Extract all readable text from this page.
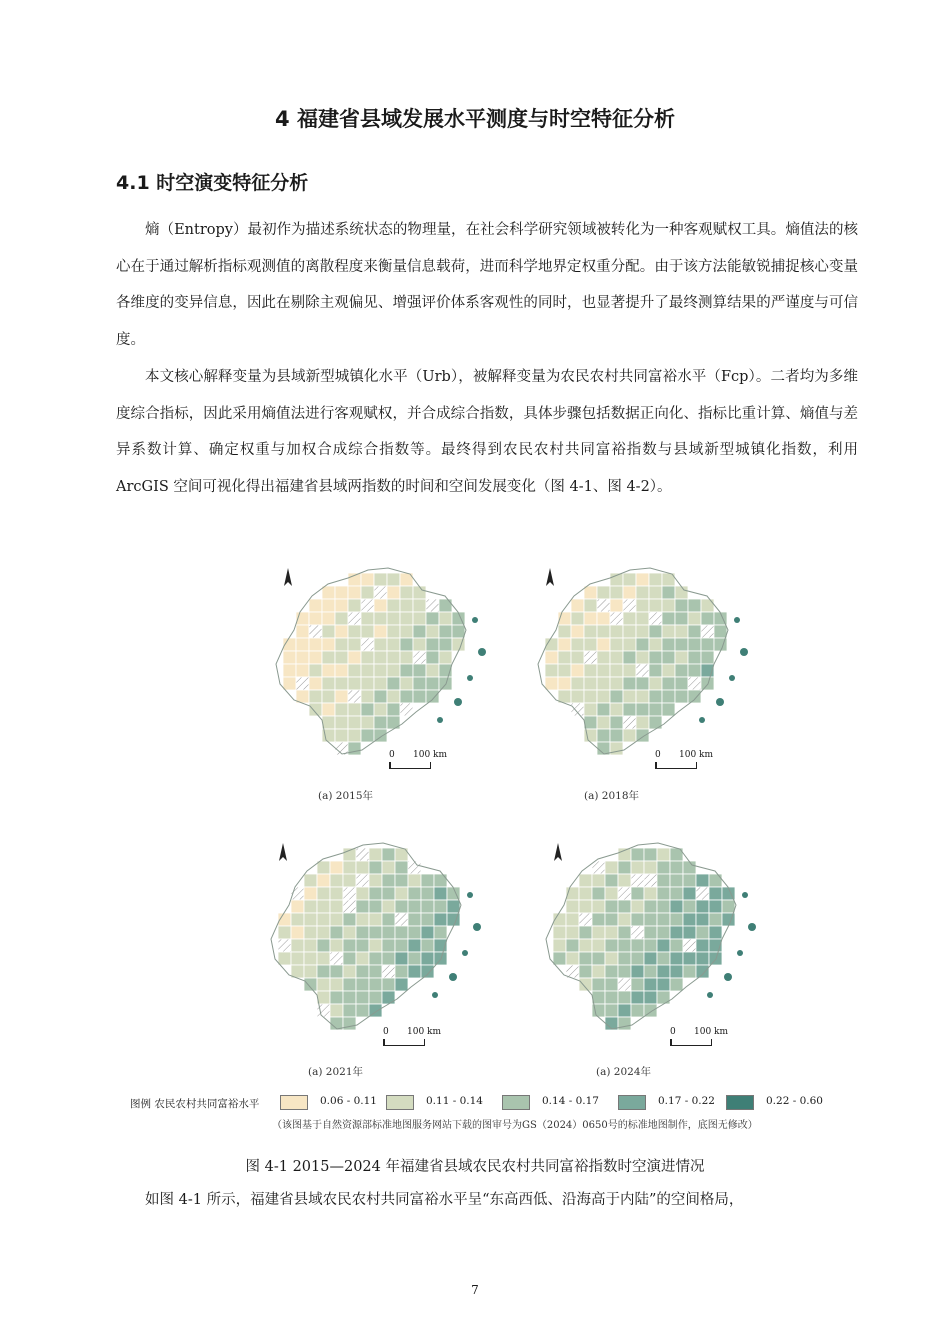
4 福建省县域发展水平测度与时空特征分析
4.1 时空演变特征分析

熵（Entropy）最初作为描述系统状态的物理量，在社会科学研究领域被转化为一种客观赋权工具。熵值法的核心在于通过解析指标观测值的离散程度来衡量信息载荷，进而科学地界定权重分配。由于该方法能敏锐捕捉核心变量各维度的变异信息，因此在剔除主观偏见、增强评价体系客观性的同时，也显著提升了最终测算结果的严谨度与可信度。

本文核心解释变量为县域新型城镇化水平（Urb），被解释变量为农民农村共同富裕水平（Fcp）。二者均为多维度综合指标，因此采用熵值法进行客观赋权，并合成综合指数，具体步骤包括数据正向化、指标比重计算、熵值与差异系数计算、确定权重与加权合成综合指数等。最终得到农民农村共同富裕指数与县域新型城镇化指数，利用 ArcGIS 空间可视化得出福建省县域两指数的时间和空间发展变化（图 4-1、图 4-2）。

(a) 2015年
0 100 km
(a) 2018年
0 100 km
(a) 2021年
0 100 km
(a) 2024年
0 100 km
图例 农民农村共同富裕水平	0.06 - 0.11	0.11 - 0.14	0.14 - 0.17	0.17 - 0.22	0.22 - 0.60
（该图基于自然资源部标准地图服务网站下载的图审号为GS（2024）0650号的标准地图制作，底图无修改）
图 4-1 2015—2024 年福建省县域农民农村共同富裕指数时空演进情况

如图 4-1 所示，福建省县域农民农村共同富裕水平呈“东高西低、沿海高于内陆”的空间格局，

7
